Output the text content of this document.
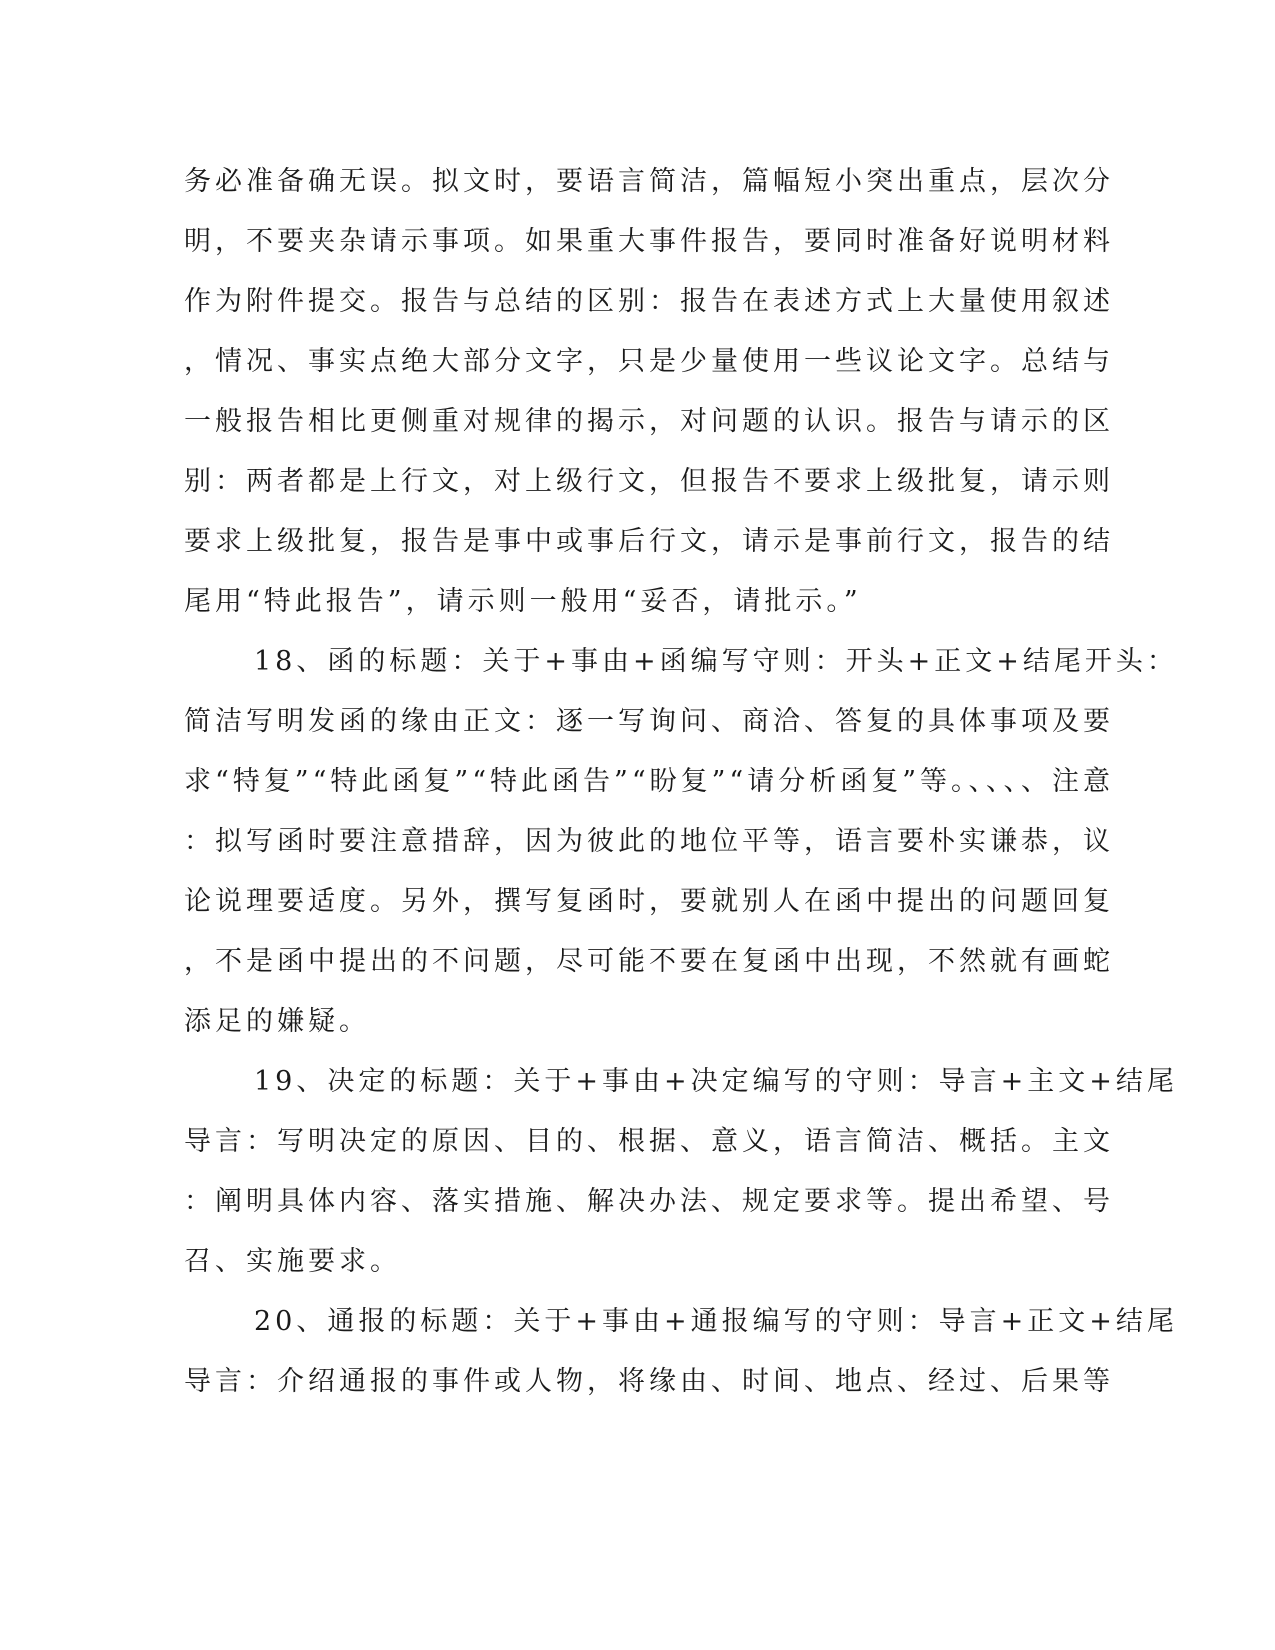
务必准备确无误。拟文时，要语言简洁，篇幅短小突出重点，层次分
明，不要夹杂请示事项。如果重大事件报告，要同时准备好说明材料
作为附件提交。报告与总结的区别：报告在表述方式上大量使用叙述
，情况、事实点绝大部分文字，只是少量使用一些议论文字。总结与
一般报告相比更侧重对规律的揭示，对问题的认识。报告与请示的区
别：两者都是上行文，对上级行文，但报告不要求上级批复，请示则
要求上级批复，报告是事中或事后行文，请示是事前行文，报告的结
尾用“特此报告”，请示则一般用“妥否，请批示。”
18、函的标题：关于+事由+函编写守则：开头+正文+结尾开头：
简洁写明发函的缘由正文：逐一写询问、商洽、答复的具体事项及要
求“特复”“特此函复”“特此函告”“盼复”“请分析函复”等。、、、、注意
：拟写函时要注意措辞，因为彼此的地位平等，语言要朴实谦恭，议
论说理要适度。另外，撰写复函时，要就别人在函中提出的问题回复
，不是函中提出的不问题，尽可能不要在复函中出现，不然就有画蛇
添足的嫌疑。
19、决定的标题：关于+事由+决定编写的守则：导言+主文+结尾
导言：写明决定的原因、目的、根据、意义，语言简洁、概括。主文
：阐明具体内容、落实措施、解决办法、规定要求等。提出希望、号
召、实施要求。
20、通报的标题：关于+事由+通报编写的守则：导言+正文+结尾
导言：介绍通报的事件或人物，将缘由、时间、地点、经过、后果等
